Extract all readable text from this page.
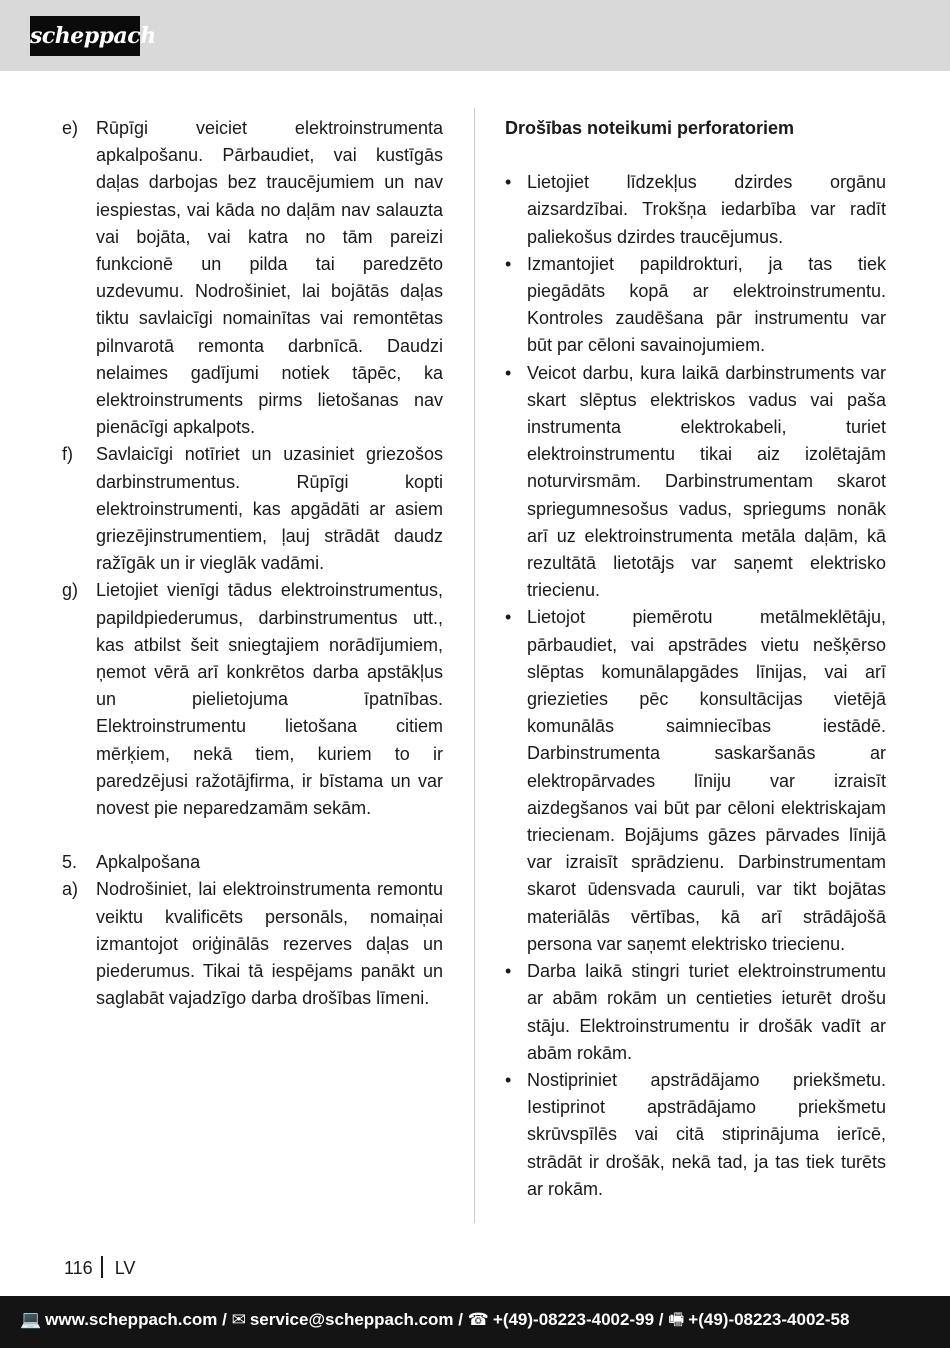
scheppach
e) Rūpīgi veiciet elektroinstrumenta apkalpošanu. Pārbaudiet, vai kustīgās daļas darbojas bez traucējumiem un nav iespiestas, vai kāda no daļām nav salauzta vai bojāta, vai katra no tām pareizi funkcionē un pilda tai paredzēto uzdevumu. Nodrošiniet, lai bojātās daļas tiktu savlaicīgi nomainītas vai remontētas pilnvarotā remonta darbnīcā. Daudzi nelaimes gadījumi notiek tāpēc, ka elektroinstruments pirms lietošanas nav pienācīgi apkalpots.
f) Savlaicīgi notīriet un uzasiniet griezošos darbinstrumentus. Rūpīgi kopti elektroinstrumenti, kas apgādāti ar asiem griezējinstrumentiem, ļauj strādāt daudz ražīgāk un ir vieglāk vadāmi.
g) Lietojiet vienīgi tādus elektroinstrumentus, papildpiederumus, darbinstrumentus utt., kas atbilst šeit sniegtajiem norādījumiem, ņemot vērā arī konkrētos darba apstākļus un pielietojuma īpatnības. Elektroinstrumentu lietošana citiem mērķiem, nekā tiem, kuriem to ir paredzējusi ražotājfirma, ir bīstama un var novest pie neparedzamām sekām.
5. Apkalpošana
a) Nodrošiniet, lai elektroinstrumenta remontu veiktu kvalificēts personāls, nomaiņai izmantojot oriģinālās rezerves daļas un piederumus. Tikai tā iespējams panākt un saglabāt vajadzīgo darba drošības līmeni.
Drošības noteikumi perforatoriem
• Lietojiet līdzekļus dzirdes orgānu aizsardzībai. Trokšņa iedarbība var radīt paliekošus dzirdes traucējumus.
• Izmantojiet papildrokturi, ja tas tiek piegādāts kopā ar elektroinstrumentu. Kontroles zaudēšana pār instrumentu var būt par cēloni savainojumiem.
• Veicot darbu, kura laikā darbinstruments var skart slēptus elektriskos vadus vai paša instrumenta elektrokabeli, turiet elektroinstrumentu tikai aiz izolētajām noturvirsmām. Darbinstrumentam skarot spriegumnesošus vadus, spriegums nonāk arī uz elektroinstrumenta metāla daļām, kā rezultātā lietotājs var saņemt elektrisko triecienu.
• Lietojot piemērotu metālmeklētāju, pārbaudiet, vai apstrādes vietu nešķērso slēptas komunālapgādes līnijas, vai arī griezieties pēc konsultācijas vietējā komunālās saimniecības iestādē. Darbinstrumenta saskaršanās ar elektropārvades līniju var izraisīt aizdegšanos vai būt par cēloni elektriskajam triecienam. Bojājums gāzes pārvades līnijā var izraisīt sprādzienu. Darbinstrumentam skarot ūdensvada cauruli, var tikt bojātas materiālās vērtības, kā arī strādājošā persona var saņemt elektrisko triecienu.
• Darba laikā stingri turiet elektroinstrumentu ar abām rokām un centieties ieturēt drošu stāju. Elektroinstrumentu ir drošāk vadīt ar abām rokām.
• Nostipriniet apstrādājamo priekšmetu. Iestiprinot apstrādājamo priekšmetu skrūvspīlēs vai citā stiprinājuma ierīcē, strādāt ir drošāk, nekā tad, ja tas tiek turēts ar rokām.
116 LV
💻 www.scheppach.com / ✉ service@scheppach.com / ☎ +(49)-08223-4002-99 / 🖷 +(49)-08223-4002-58
